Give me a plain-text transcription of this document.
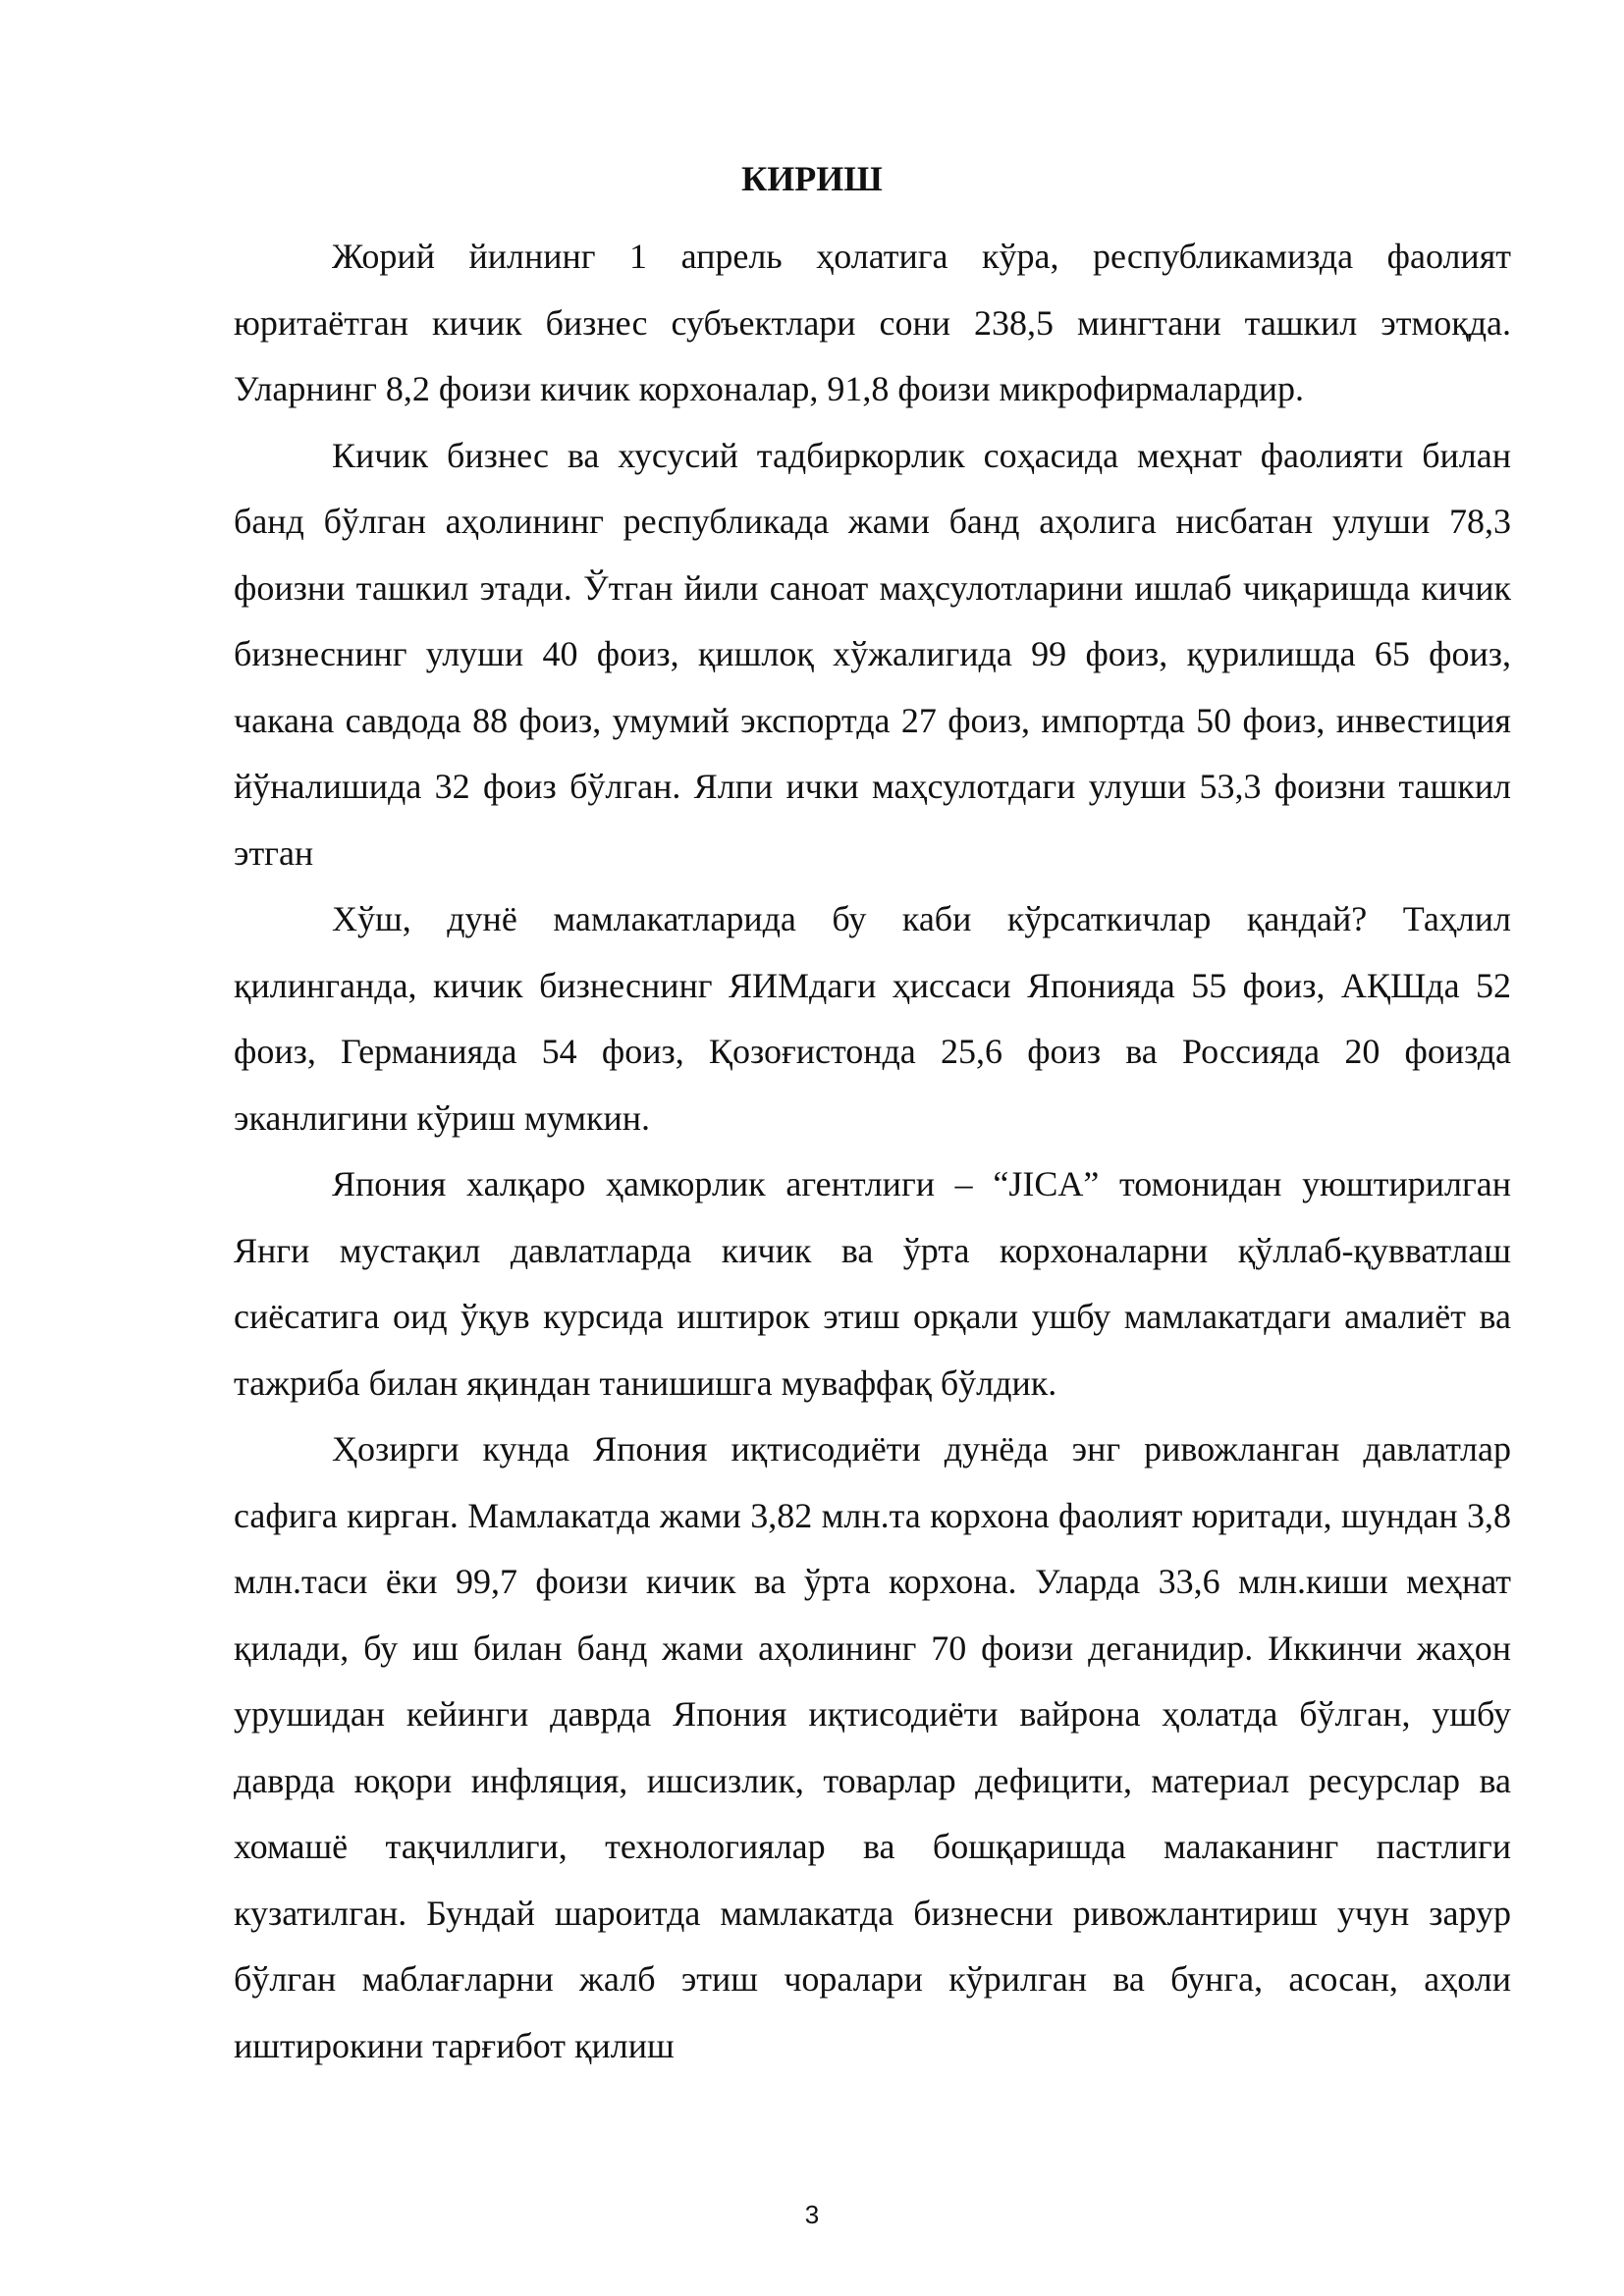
КИРИШ

Жорий йилнинг 1 апрель ҳолатига кўра, республикамизда фаолият юритаётган кичик бизнес субъектлари сони 238,5 мингтани ташкил этмоқда. Уларнинг 8,2 фоизи кичик корхоналар, 91,8 фоизи микрофирмалардир.

Кичик бизнес ва хусусий тадбиркорлик соҳасида меҳнат фаолияти билан банд бўлган аҳолининг республикада жами банд аҳолига нисбатан улуши 78,3 фоизни ташкил этади. Ўтган йили саноат маҳсулотларини ишлаб чиқаришда кичик бизнеснинг улуши 40 фоиз, қишлоқ хўжалигида 99 фоиз, қурилишда 65 фоиз, чакана савдода 88 фоиз, умумий экспортда 27 фоиз, импортда 50 фоиз, инвестиция йўналишида 32 фоиз бўлган. Ялпи ички маҳсулотдаги улуши 53,3 фоизни ташкил этган

Хўш, дунё мамлакатларида бу каби кўрсаткичлар қандай? Таҳлил қилинганда, кичик бизнеснинг ЯИМдаги ҳиссаси Японияда 55 фоиз, АҚШда 52 фоиз, Германияда 54 фоиз, Қозоғистонда 25,6 фоиз ва Россияда 20 фоизда эканлигини кўриш мумкин.

Япония халқаро ҳамкорлик агентлиги – “JICA” томонидан уюштирилган Янги мустақил давлатларда кичик ва ўрта корхоналарни қўллаб-қувватлаш сиёсатига оид ўқув курсида иштирок этиш орқали ушбу мамлакатдаги амалиёт ва тажриба билан яқиндан танишишга муваффақ бўлдик.

Ҳозирги кунда Япония иқтисодиёти дунёда энг ривожланган давлатлар сафига кирган. Мамлакатда жами 3,82 млн.та корхона фаолият юритади, шундан 3,8 млн.таси ёки 99,7 фоизи кичик ва ўрта корхона. Уларда 33,6 млн.киши меҳнат қилади, бу иш билан банд жами аҳолининг 70 фоизи деганидир. Иккинчи жаҳон урушидан кейинги даврда Япония иқтисодиёти вайрона ҳолатда бўлган, ушбу даврда юқори инфляция, ишсизлик, товарлар дефицити, материал ресурслар ва хомашё тақчиллиги, технологиялар ва бошқаришда малаканинг пастлиги кузатилган. Бундай шароитда мамлакатда бизнесни ривожлантириш учун зарур бўлган маблағларни жалб этиш чоралари кўрилган ва бунга, асосан, аҳоли иштирокини тарғибот қилиш

3
